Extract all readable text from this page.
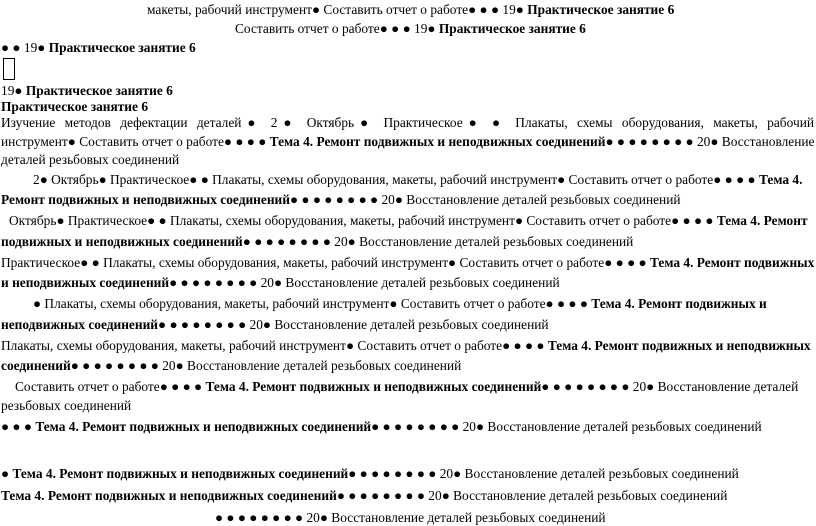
макеты, рабочий инструмент● Составить отчет о работе● ● ● 19● Практическое занятие 6
Составить отчет о работе● ● ● 19● Практическое занятие 6
● ● 19● Практическое занятие 6
19● Практическое занятие 6
Практическое занятие 6
Изучение методов дефектации деталей● 2● Октябрь● Практическое● ● Плакаты, схемы оборудования, макеты, рабочий
инструмент● Составить отчет о работе● ● ● ● Тема 4. Ремонт подвижных и неподвижных соединений● ● ● ● ● ● ● ● 20● Восстановление
деталей резьбовых соединений
2● Октябрь● Практическое● ● Плакаты, схемы оборудования, макеты, рабочий инструмент● Составить отчет о работе● ● ● ● Тема 4.
Ремонт подвижных и неподвижных соединений● ● ● ● ● ● ● ● 20● Восстановление деталей резьбовых соединений
Октябрь● Практическое● ● Плакаты, схемы оборудования, макеты, рабочий инструмент● Составить отчет о работе● ● ● ● Тема 4. Ремонт
подвижных и неподвижных соединений● ● ● ● ● ● ● ● 20● Восстановление деталей резьбовых соединений
Практическое● ● Плакаты, схемы оборудования, макеты, рабочий инструмент● Составить отчет о работе● ● ● ● Тема 4. Ремонт подвижных
и неподвижных соединений● ● ● ● ● ● ● ● 20● Восстановление деталей резьбовых соединений
● Плакаты, схемы оборудования, макеты, рабочий инструмент● Составить отчет о работе● ● ● ● Тема 4. Ремонт подвижных и
неподвижных соединений● ● ● ● ● ● ● ● 20● Восстановление деталей резьбовых соединений
Плакаты, схемы оборудования, макеты, рабочий инструмент● Составить отчет о работе● ● ● ● Тема 4. Ремонт подвижных и неподвижных
соединений● ● ● ● ● ● ● ● 20● Восстановление деталей резьбовых соединений
Составить отчет о работе● ● ● ● Тема 4. Ремонт подвижных и неподвижных соединений● ● ● ● ● ● ● ● 20● Восстановление деталей
резьбовых соединений
● ● ● Тема 4. Ремонт подвижных и неподвижных соединений● ● ● ● ● ● ● ● 20● Восстановление деталей резьбовых соединений
● Тема 4. Ремонт подвижных и неподвижных соединений● ● ● ● ● ● ● ● 20● Восстановление деталей резьбовых соединений
Тема 4. Ремонт подвижных и неподвижных соединений● ● ● ● ● ● ● ● 20● Восстановление деталей резьбовых соединений
● ● ● ● ● ● ● ● 20● Восстановление деталей резьбовых соединений
